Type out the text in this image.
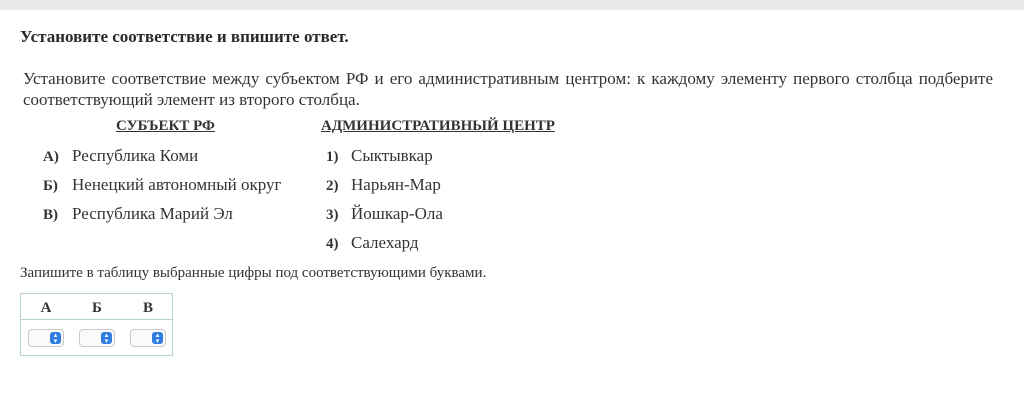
Установите соответствие и впишите ответ.
Установите соответствие между субъектом РФ и его административным центром: к каждому элементу первого столбца подберите соответствующий элемент из второго столбца.
СУБЪЕКТ РФ	АДМИНИСТРАТИВНЫЙ ЦЕНТР
А) Республика Коми
Б) Ненецкий автономный округ
В) Республика Марий Эл
1) Сыктывкар
2) Нарьян-Мар
3) Йошкар-Ола
4) Салехард
Запишите в таблицу выбранные цифры под соответствующими буквами.
А	Б	В
▴
▾
▴
▾
▴
▾
